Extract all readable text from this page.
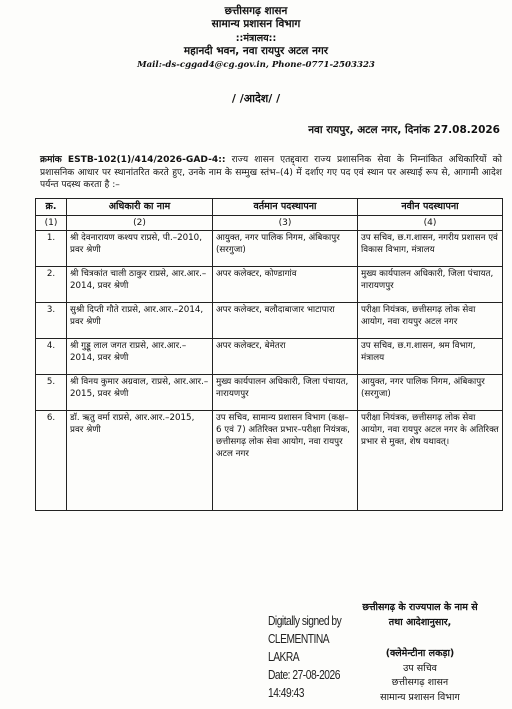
छत्तीसगढ़ शासन
सामान्य प्रशासन विभाग
::मंत्रालय::
महानदी भवन, नवा रायपुर अटल नगर
Mail:-ds-cggad4@cg.gov.in, Phone-0771-2503323
/ /आदेश/ /
नवा रायपुर, अटल नगर, दिनांक 27.08.2026
क्रमांक ESTB-102(1)/414/2026-GAD-4:: राज्य शासन एतद्द्वारा राज्य प्रशासनिक सेवा के निम्नांकित अधिकारियों को प्रशासनिक आधार पर स्थानांतरित करते हुए, उनके नाम के सम्मुख स्तंभ–(4) में दर्शाए गए पद एवं स्थान पर अस्थाई रूप से, आगामी आदेश पर्यन्त पदस्थ करता है :–
क्र.	अधिकारी का नाम	वर्तमान पदस्थापना	नवीन पदस्थापना
(1)	(2)	(3)	(4)
1.	श्री देवनारायण कश्यप राप्रसे, पी.–2010, प्रवर श्रेणी	आयुक्त, नगर पालिक निगम, अंबिकापुर (सरगुजा)	उप सचिव, छ.ग.शासन, नगरीय प्रशासन एवं विकास विभाग, मंत्रालय
2.	श्री चित्रकांत चाली ठाकुर राप्रसे, आर.आर.–2014, प्रवर श्रेणी	अपर कलेक्टर, कोण्डागांव	मुख्य कार्यपालन अधिकारी, जिला पंचायत, नारायणपुर
3.	सुश्री दिप्ती गौते राप्रसे, आर.आर.–2014, प्रवर श्रेणी	अपर कलेक्टर, बलौदाबाजार भाटापारा	परीक्षा नियंत्रक, छत्तीसगढ़ लोक सेवा आयोग, नवा रायपुर अटल नगर
4.	श्री गुड्डू लाल जगत राप्रसे, आर.आर.–2014, प्रवर श्रेणी	अपर कलेक्टर, बेमेतरा	उप सचिव, छ.ग.शासन, श्रम विभाग, मंत्रालय
5.	श्री विनय कुमार अग्रवाल, राप्रसे, आर.आर.–2015, प्रवर श्रेणी	मुख्य कार्यपालन अधिकारी, जिला पंचायत, नारायणपुर	आयुक्त, नगर पालिक निगम, अंबिकापुर (सरगुजा)
6.	डॉ. ऋतु वर्मा राप्रसे, आर.आर.–2015, प्रवर श्रेणी	उप सचिव, सामान्य प्रशासन विभाग (कक्ष–6 एवं 7) अतिरिक्त प्रभार–परीक्षा नियंत्रक, छत्तीसगढ़ लोक सेवा आयोग, नवा रायपुर अटल नगर	परीक्षा नियंत्रक, छत्तीसगढ़ लोक सेवा आयोग, नवा रायपुर अटल नगर के अतिरिक्त प्रभार से मुक्त, शेष यथावत्।
छत्तीसगढ़ के राज्यपाल के नाम से
तथा आदेशानुसार,
Digitally signed by
CLEMENTINA LAKRA
Date: 27-08-2026
14:49:43
(क्लेमेन्टीना लकड़ा)
उप सचिव
छत्तीसगढ़ शासन
सामान्य प्रशासन विभाग
